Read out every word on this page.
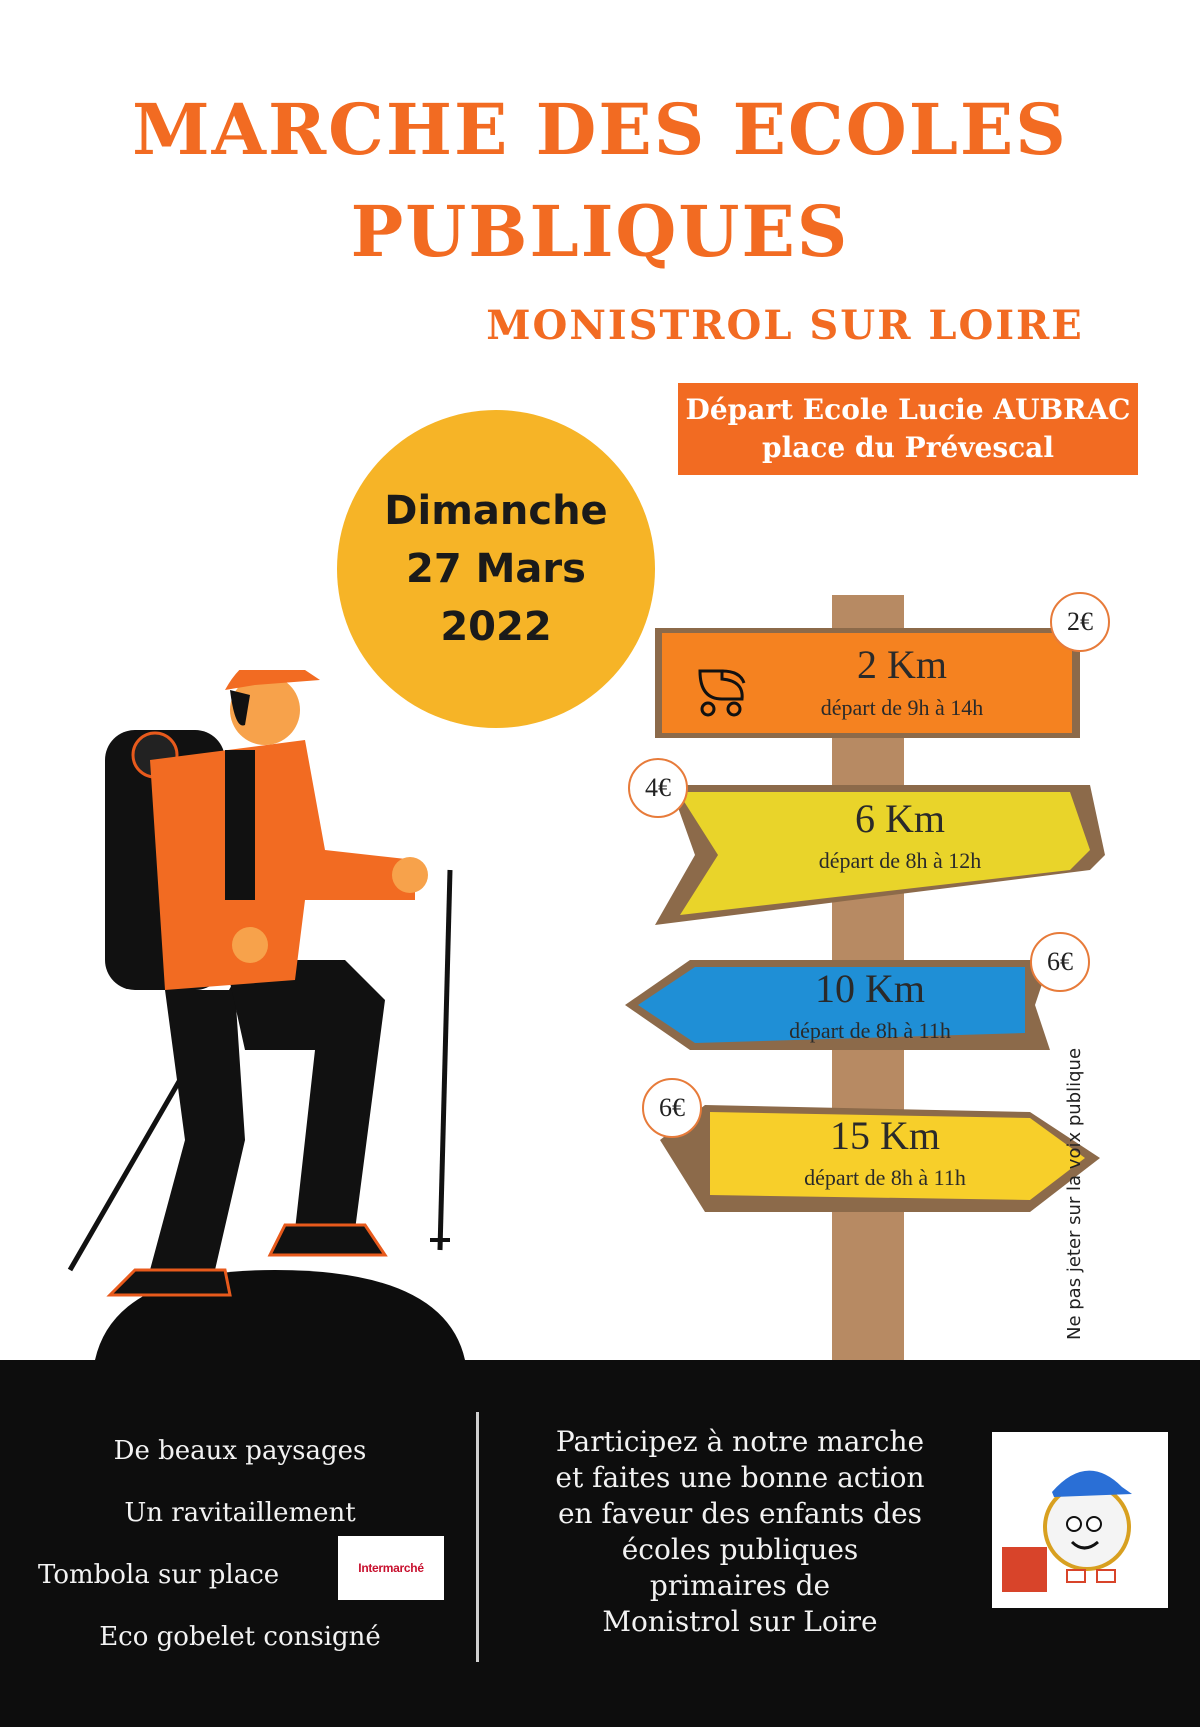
MARCHE DES ECOLES
PUBLIQUES
MONISTROL SUR LOIRE
Départ Ecole Lucie AUBRAC
place du Prévescal
Dimanche
27 Mars
2022
2 Km
départ de 9h à 14h
2€
6 Km
départ de 8h à 12h
4€
10 Km
départ de 8h à 11h
6€
15 Km
départ de 8h à 11h
6€	Ne pas jeter sur la voix publique
De beaux paysages
Un ravitaillement
Tombola sur place
Eco gobelet consigné
Intermarché
Participez à notre marche
et faites une bonne action
en faveur des enfants des
écoles publiques
primaires de
Monistrol sur Loire
